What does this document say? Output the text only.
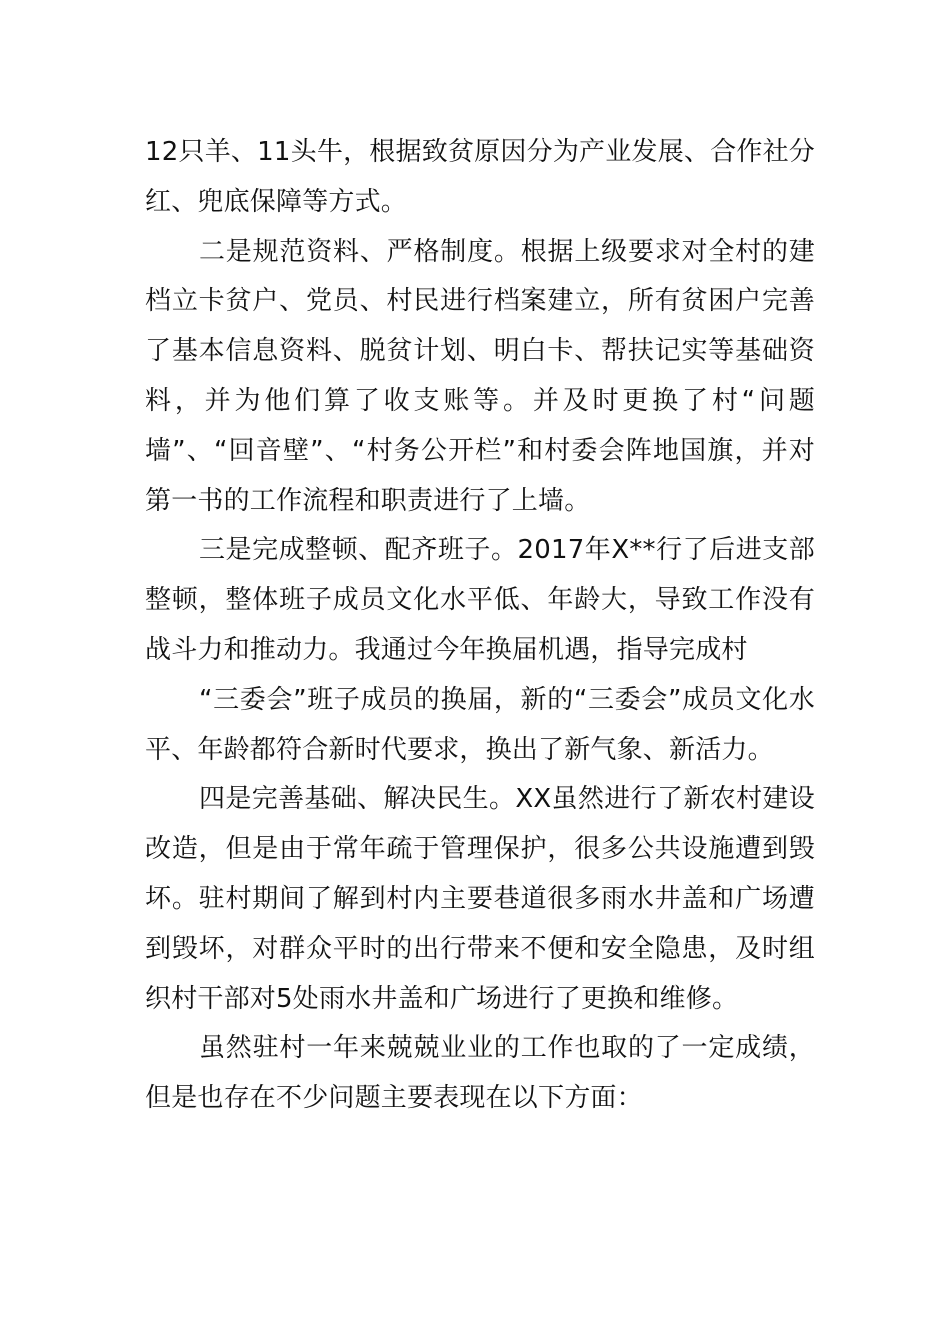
12只羊、11头牛，根据致贫原因分为产业发展、合作社分红、兜底保障等方式。

二是规范资料、严格制度。根据上级要求对全村的建档立卡贫户、党员、村民进行档案建立，所有贫困户完善了基本信息资料、脱贫计划、明白卡、帮扶记实等基础资料，并为他们算了收支账等。并及时更换了村“问题墙”、“回音壁”、“村务公开栏”和村委会阵地国旗，并对第一书的工作流程和职责进行了上墙。

三是完成整顿、配齐班子。2017年X**行了后进支部整顿，整体班子成员文化水平低、年龄大，导致工作没有战斗力和推动力。我通过今年换届机遇，指导完成村

“三委会”班子成员的换届，新的“三委会”成员文化水平、年龄都符合新时代要求，换出了新气象、新活力。

四是完善基础、解决民生。XX虽然进行了新农村建设改造，但是由于常年疏于管理保护，很多公共设施遭到毁坏。驻村期间了解到村内主要巷道很多雨水井盖和广场遭到毁坏，对群众平时的出行带来不便和安全隐患，及时组织村干部对5处雨水井盖和广场进行了更换和维修。

虽然驻村一年来兢兢业业的工作也取的了一定成绩，但是也存在不少问题主要表现在以下方面：
